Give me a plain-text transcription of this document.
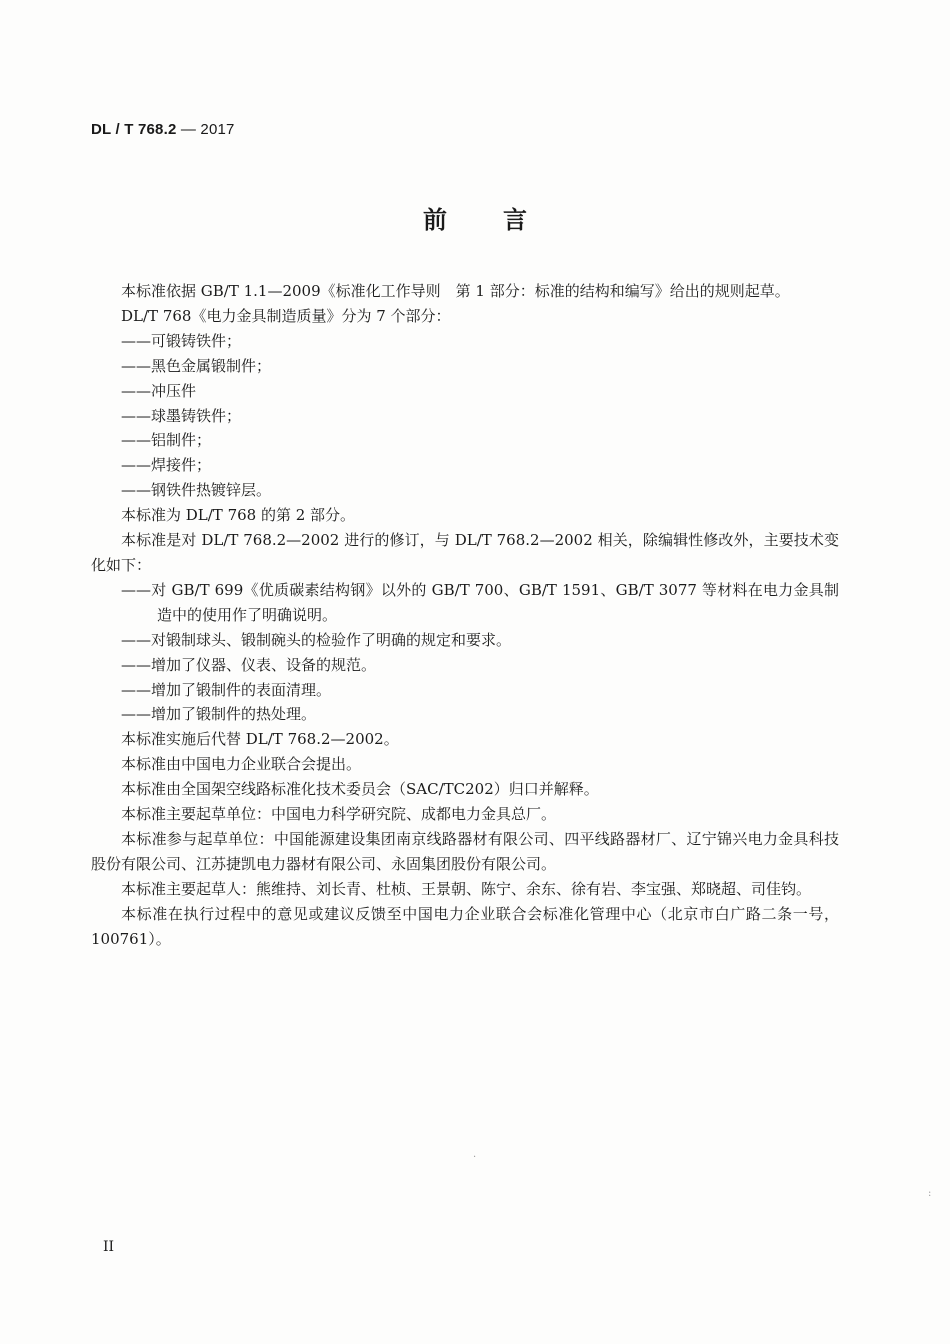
DL / T 768.2 — 2017
前言

本标准依据 GB/T 1.1—2009《标准化工作导则　第 1 部分：标准的结构和编写》给出的规则起草。

DL/T 768《电力金具制造质量》分为 7 个部分：

——可锻铸铁件；

——黑色金属锻制件；

——冲压件

——球墨铸铁件；

——铝制件；

——焊接件；

——钢铁件热镀锌层。

本标准为 DL/T 768 的第 2 部分。

本标准是对 DL/T 768.2—2002 进行的修订，与 DL/T 768.2—2002 相关，除编辑性修改外，主要技术变化如下：

——对 GB/T 699《优质碳素结构钢》以外的 GB/T 700、GB/T 1591、GB/T 3077 等材料在电力金具制造中的使用作了明确说明。

——对锻制球头、锻制碗头的检验作了明确的规定和要求。

——增加了仪器、仪表、设备的规范。

——增加了锻制件的表面清理。

——增加了锻制件的热处理。

本标准实施后代替 DL/T 768.2—2002。

本标准由中国电力企业联合会提出。

本标准由全国架空线路标准化技术委员会（SAC/TC202）归口并解释。

本标准主要起草单位：中国电力科学研究院、成都电力金具总厂。

本标准参与起草单位：中国能源建设集团南京线路器材有限公司、四平线路器材厂、辽宁锦兴电力金具科技股份有限公司、江苏捷凯电力器材有限公司、永固集团股份有限公司。

本标准主要起草人：熊维持、刘长青、杜桢、王景朝、陈宁、余东、徐有岩、李宝强、郑晓超、司佳钧。

本标准在执行过程中的意见或建议反馈至中国电力企业联合会标准化管理中心（北京市白广路二条一号，100761）。

II
·
:
